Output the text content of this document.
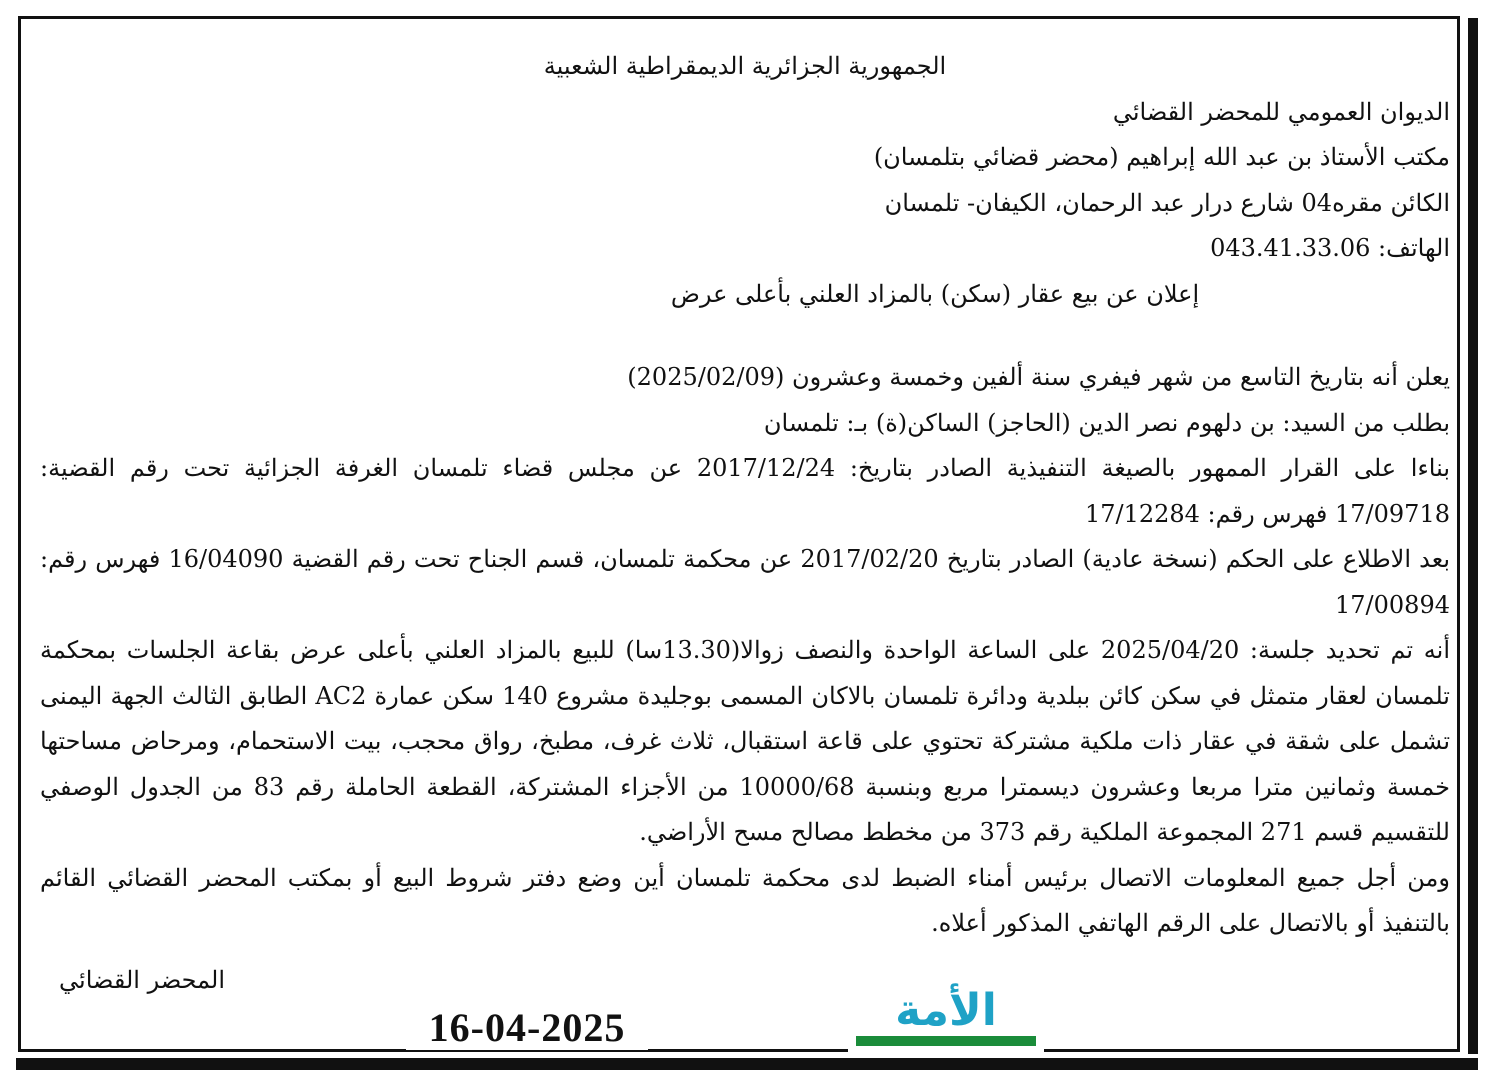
الجمهورية الجزائرية الديمقراطية الشعبية
الديوان العمومي للمحضر القضائي
مكتب الأستاذ بن عبد الله إبراهيم (محضر قضائي بتلمسان)
الكائن مقره04 شارع درار عبد الرحمان، الكيفان- تلمسان
الهاتف: 043.41.33.06
إعلان عن بيع عقار (سكن) بالمزاد العلني بأعلى عرض

يعلن أنه بتاريخ التاسع من شهر فيفري سنة ألفين وخمسة وعشرون (2025/02/09)

بطلب من السيد: بن دلهوم نصر الدين (الحاجز) الساكن(ة) بـ: تلمسان

بناءا على القرار الممهور بالصيغة التنفيذية الصادر بتاريخ: 2017/12/24 عن مجلس قضاء تلمسان الغرفة الجزائية تحت رقم القضية: 17/09718 فهرس رقم: 17/12284

بعد الاطلاع على الحكم (نسخة عادية) الصادر بتاريخ 2017/02/20 عن محكمة تلمسان، قسم الجناح تحت رقم القضية 16/04090 فهرس رقم: 17/00894

أنه تم تحديد جلسة: 2025/04/20 على الساعة الواحدة والنصف زوالا(13.30سا) للبيع بالمزاد العلني بأعلى عرض بقاعة الجلسات بمحكمة تلمسان لعقار متمثل في سكن كائن ببلدية ودائرة تلمسان بالاكان المسمى بوجليدة مشروع 140 سكن عمارة AC2 الطابق الثالث الجهة اليمنى تشمل على شقة في عقار ذات ملكية مشتركة تحتوي على قاعة استقبال، ثلاث غرف، مطبخ، رواق محجب، بيت الاستحمام، ومرحاض مساحتها خمسة وثمانين مترا مربعا وعشرون ديسمترا مربع وبنسبة 10000/68 من الأجزاء المشتركة، القطعة الحاملة رقم 83 من الجدول الوصفي للتقسيم قسم 271 المجموعة الملكية رقم 373 من مخطط مصالح مسح الأراضي.

ومن أجل جميع المعلومات الاتصال برئيس أمناء الضبط لدى محكمة تلمسان أين وضع دفتر شروط البيع أو بمكتب المحضر القضائي القائم بالتنفيذ أو بالاتصال على الرقم الهاتفي المذكور أعلاه.

المحضر القضائي
16-04-2025	الأمة
